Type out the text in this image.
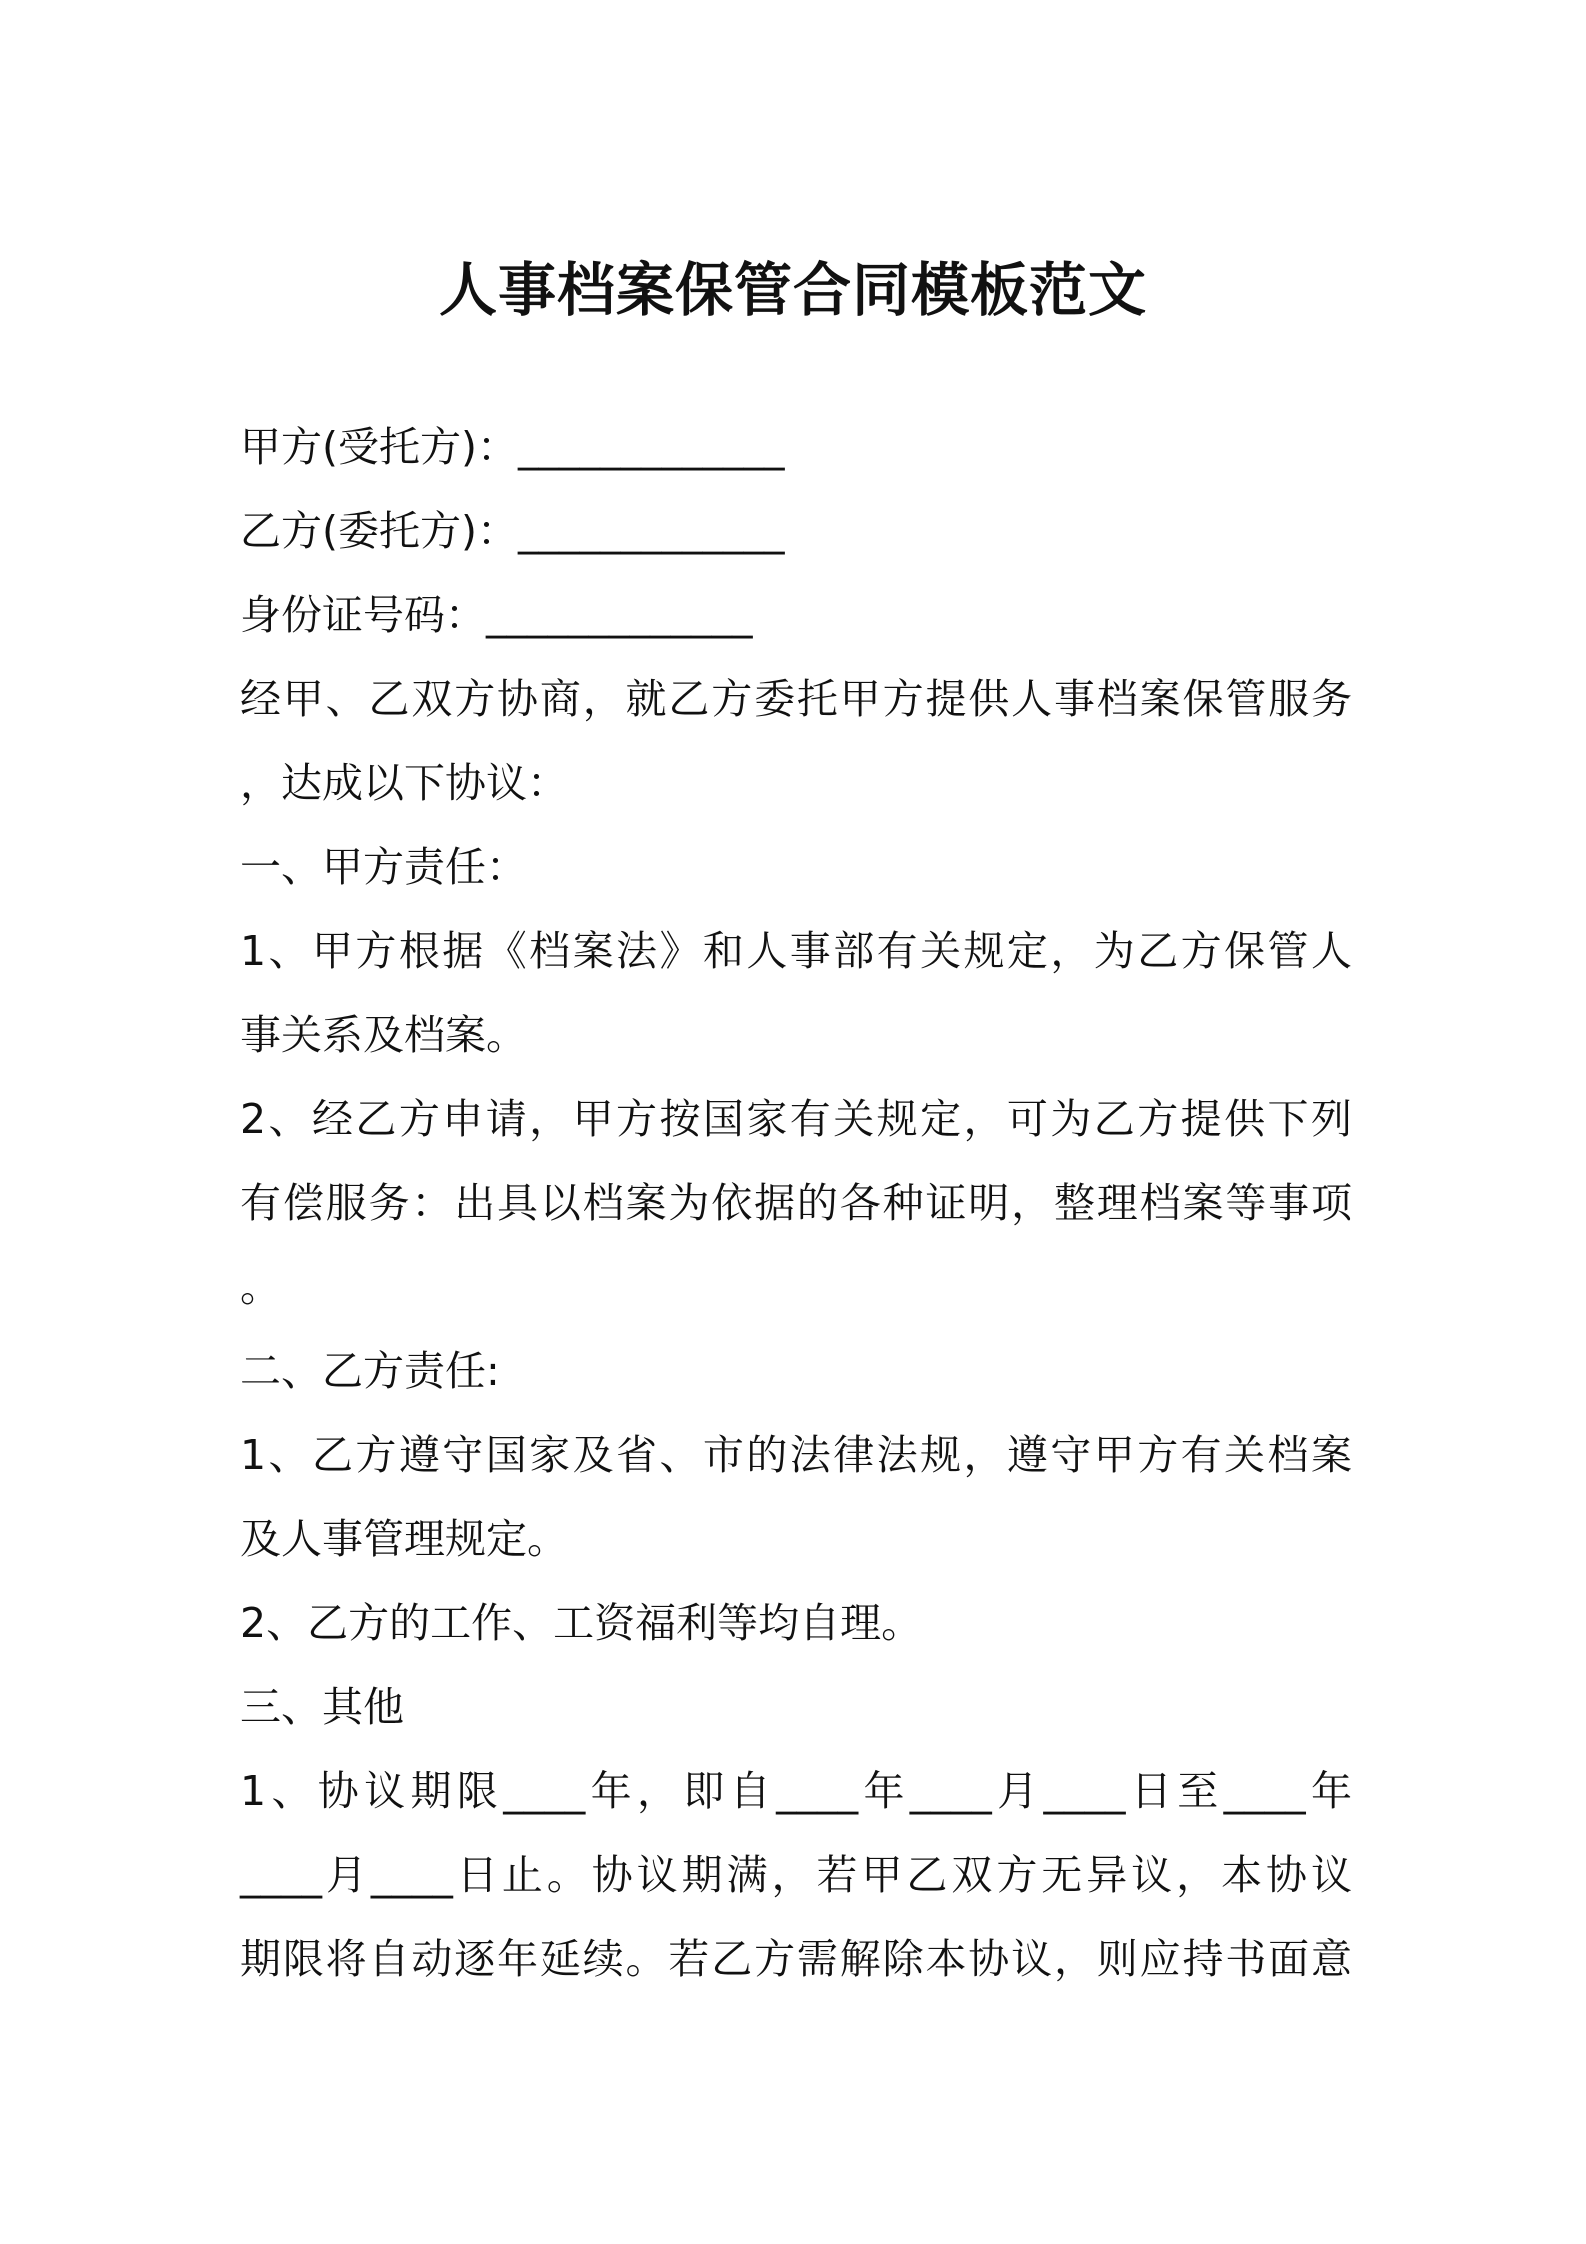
人事档案保管合同模板范文
甲方(受托方)：_____________
乙方(委托方)：_____________
身份证号码：_____________
经甲、乙双方协商，就乙方委托甲方提供人事档案保管服务
，达成以下协议：
一、甲方责任：
1、甲方根据《档案法》和人事部有关规定，为乙方保管人
事关系及档案。
2、经乙方申请，甲方按国家有关规定，可为乙方提供下列
有偿服务：出具以档案为依据的各种证明，整理档案等事项
。
二、乙方责任:
1、乙方遵守国家及省、市的法律法规，遵守甲方有关档案
及人事管理规定。
2、乙方的工作、工资福利等均自理。
三、其他
1、协议期限____年，即自____年____月____日至____年
____月____日止。协议期满，若甲乙双方无异议，本协议
期限将自动逐年延续。若乙方需解除本协议，则应持书面意
